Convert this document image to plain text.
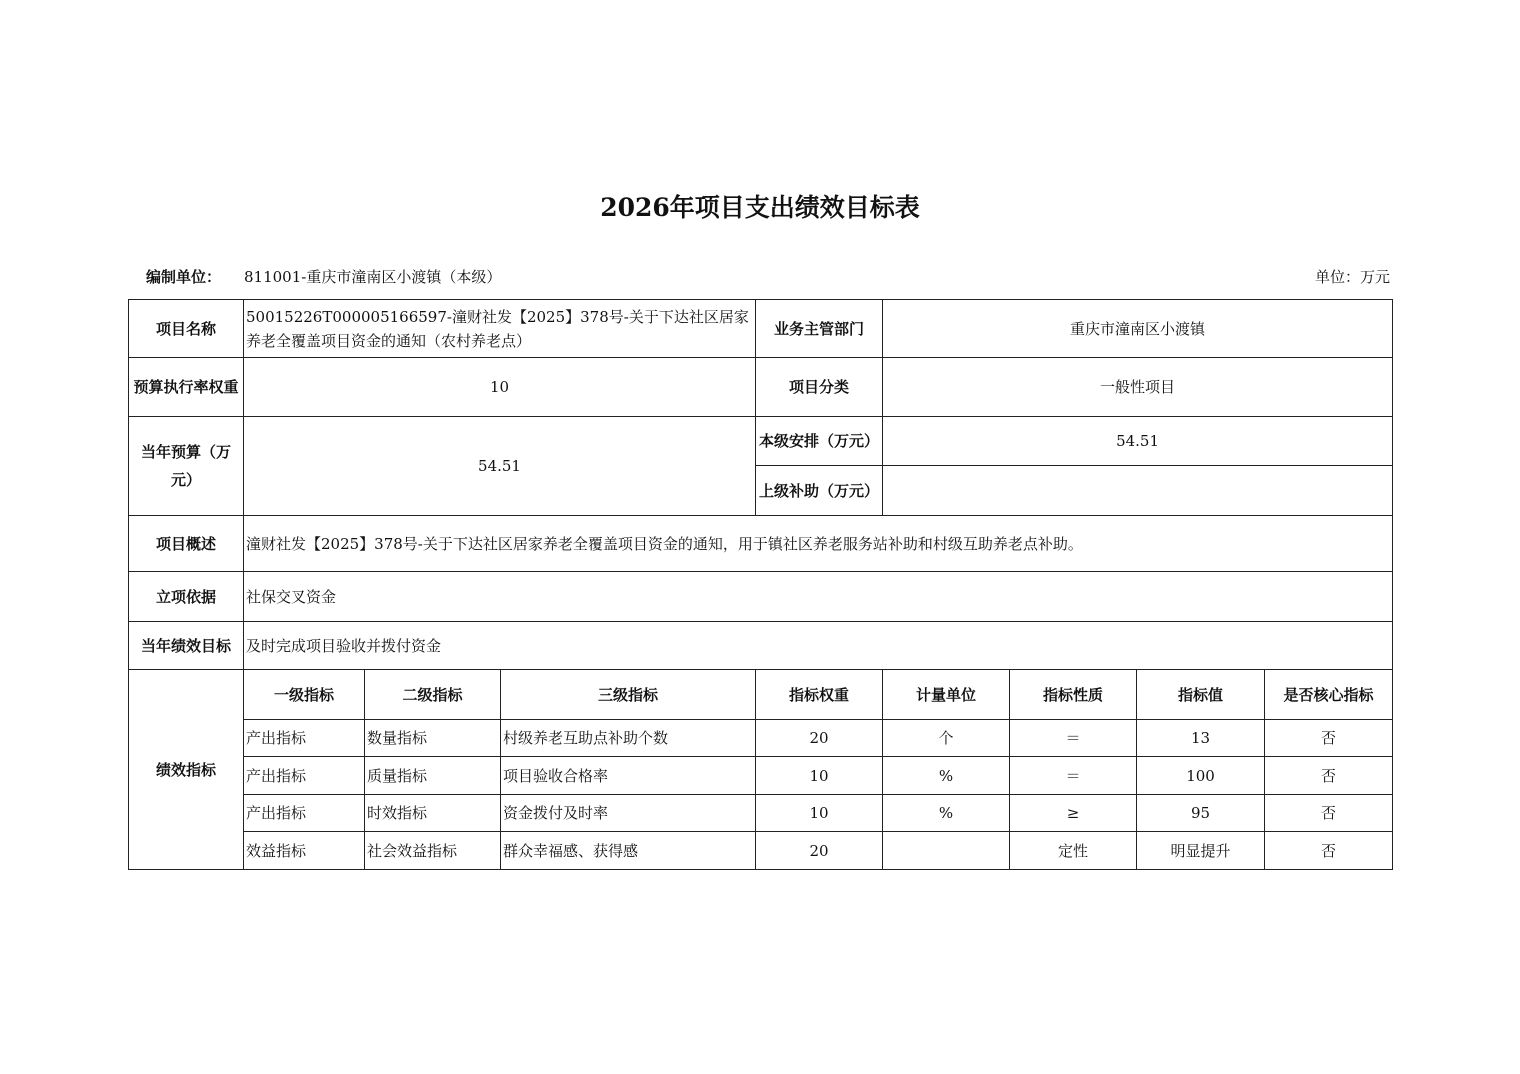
2026年项目支出绩效目标表
编制单位： 811001-重庆市潼南区小渡镇（本级）	单位：万元
项目名称	50015226T000005166597-潼财社发【2025】378号-关于下达社区居家养老全覆盖项目资金的通知（农村养老点）			业务主管部门	重庆市潼南区小渡镇			
预算执行率权重	10			项目分类	一般性项目			
当年预算（万元）	54.51			本级安排（万元）	54.51			
				上级补助（万元）				
项目概述	潼财社发【2025】378号-关于下达社区居家养老全覆盖项目资金的通知，用于镇社区养老服务站补助和村级互助养老点补助。							
立项依据	社保交叉资金							
当年绩效目标	及时完成项目验收并拨付资金							
绩效指标	一级指标	二级指标	三级指标	指标权重	计量单位	指标性质	指标值	是否核心指标
	产出指标	数量指标	村级养老互助点补助个数	20	个	＝	13	否
	产出指标	质量指标	项目验收合格率	10	%	＝	100	否
	产出指标	时效指标	资金拨付及时率	10	%	≥	95	否
	效益指标	社会效益指标	群众幸福感、获得感	20		定性	明显提升	否
